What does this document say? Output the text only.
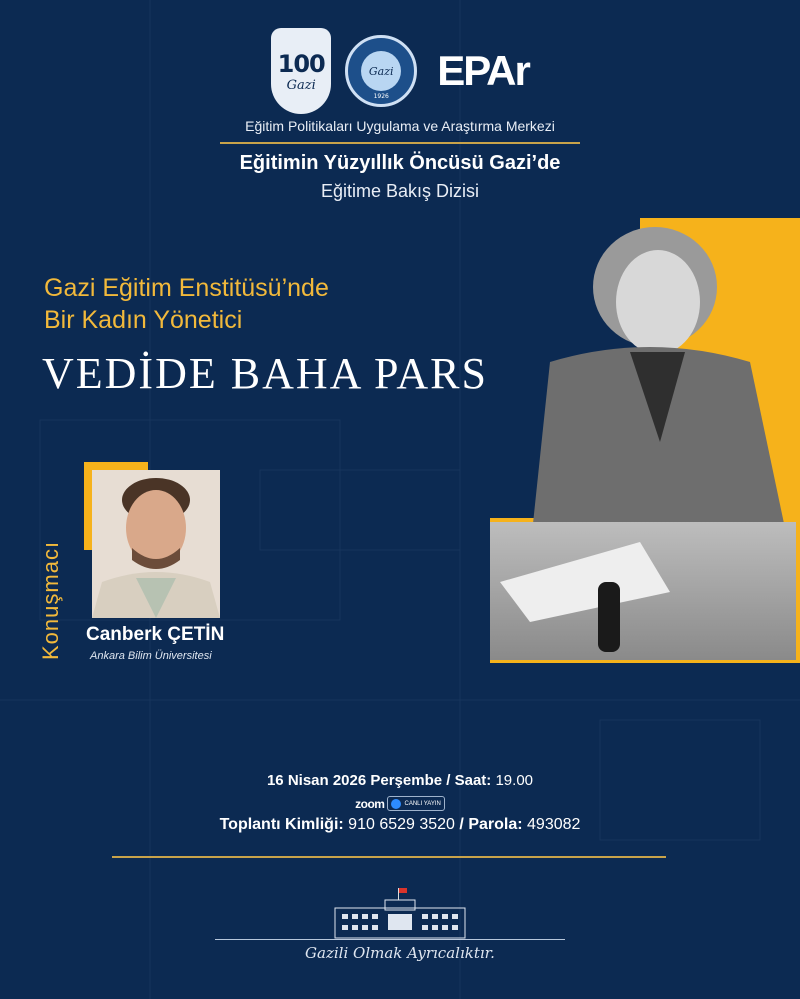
100
Gazi
Gazi
1926
EPAr
Eğitim Politikaları Uygulama ve Araştırma Merkezi
Eğitimin Yüzyıllık Öncüsü Gazi’de
Eğitime Bakış Dizisi
Gazi Eğitim Enstitüsü’nde
Bir Kadın Yönetici
VEDİDE BAHA PARS
Konuşmacı Canberk ÇETİN
Ankara Bilim Üniversitesi
16 Nisan 2026 Perşembe / Saat: 19.00
zoom	CANLI YAYIN
Toplantı Kimliği: 910 6529 3520 / Parola: 493082
Gazili Olmak Ayrıcalıktır.
